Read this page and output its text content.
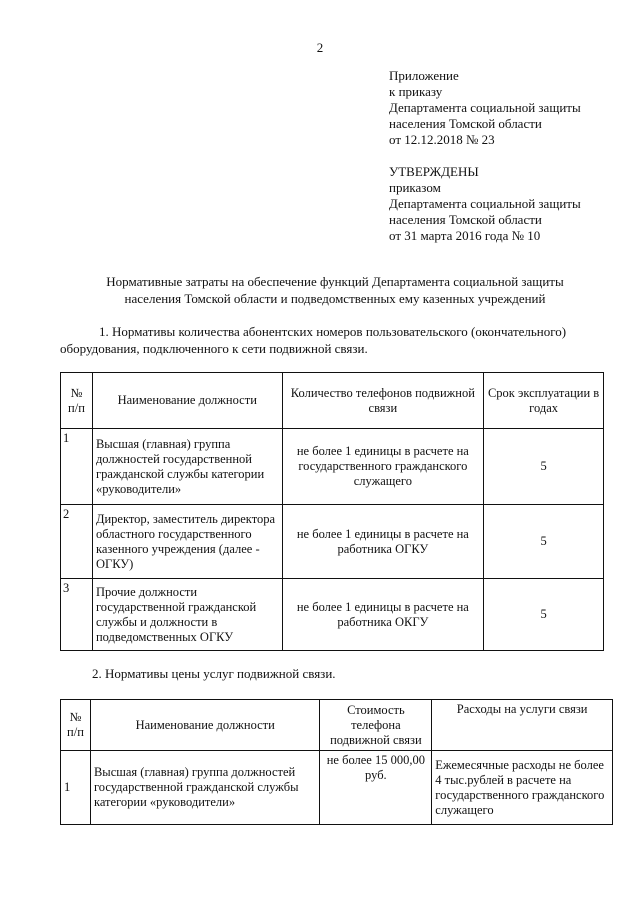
2
Приложение
к приказу
Департамента социальной защиты
населения Томской области
от 12.12.2018 № 23
УТВЕРЖДЕНЫ
приказом
Департамента социальной защиты
населения Томской области
от 31 марта 2016 года № 10
Нормативные затраты на обеспечение функций Департамента социальной защиты
населения Томской области и подведомственных ему казенных учреждений
1. Нормативы количества абонентских номеров пользовательского (окончательного)
оборудования, подключенного к сети подвижной связи.
№ п/п	Наименование должности	Количество телефонов подвижной связи	Срок эксплуатации в годах
1	Высшая (главная) группа должностей государственной гражданской службы категории «руководители»	не более 1 единицы в расчете на государственного гражданского служащего	5
2	Директор, заместитель директора областного государственного казенного учреждения (далее - ОГКУ)	не более 1 единицы в расчете на работника ОГКУ	5
3	Прочие должности государственной гражданской службы и должности в подведомственных ОГКУ	не более 1 единицы в расчете на работника ОКГУ	5
2. Нормативы цены услуг подвижной связи.
№ п/п	Наименование должности	Стоимость телефона подвижной связи	Расходы на услуги связи
1	Высшая (главная) группа должностей государственной гражданской службы категории «руководители»	не более 15 000,00 руб.	Ежемесячные расходы не более 4 тыс.рублей в расчете на государственного гражданского служащего
